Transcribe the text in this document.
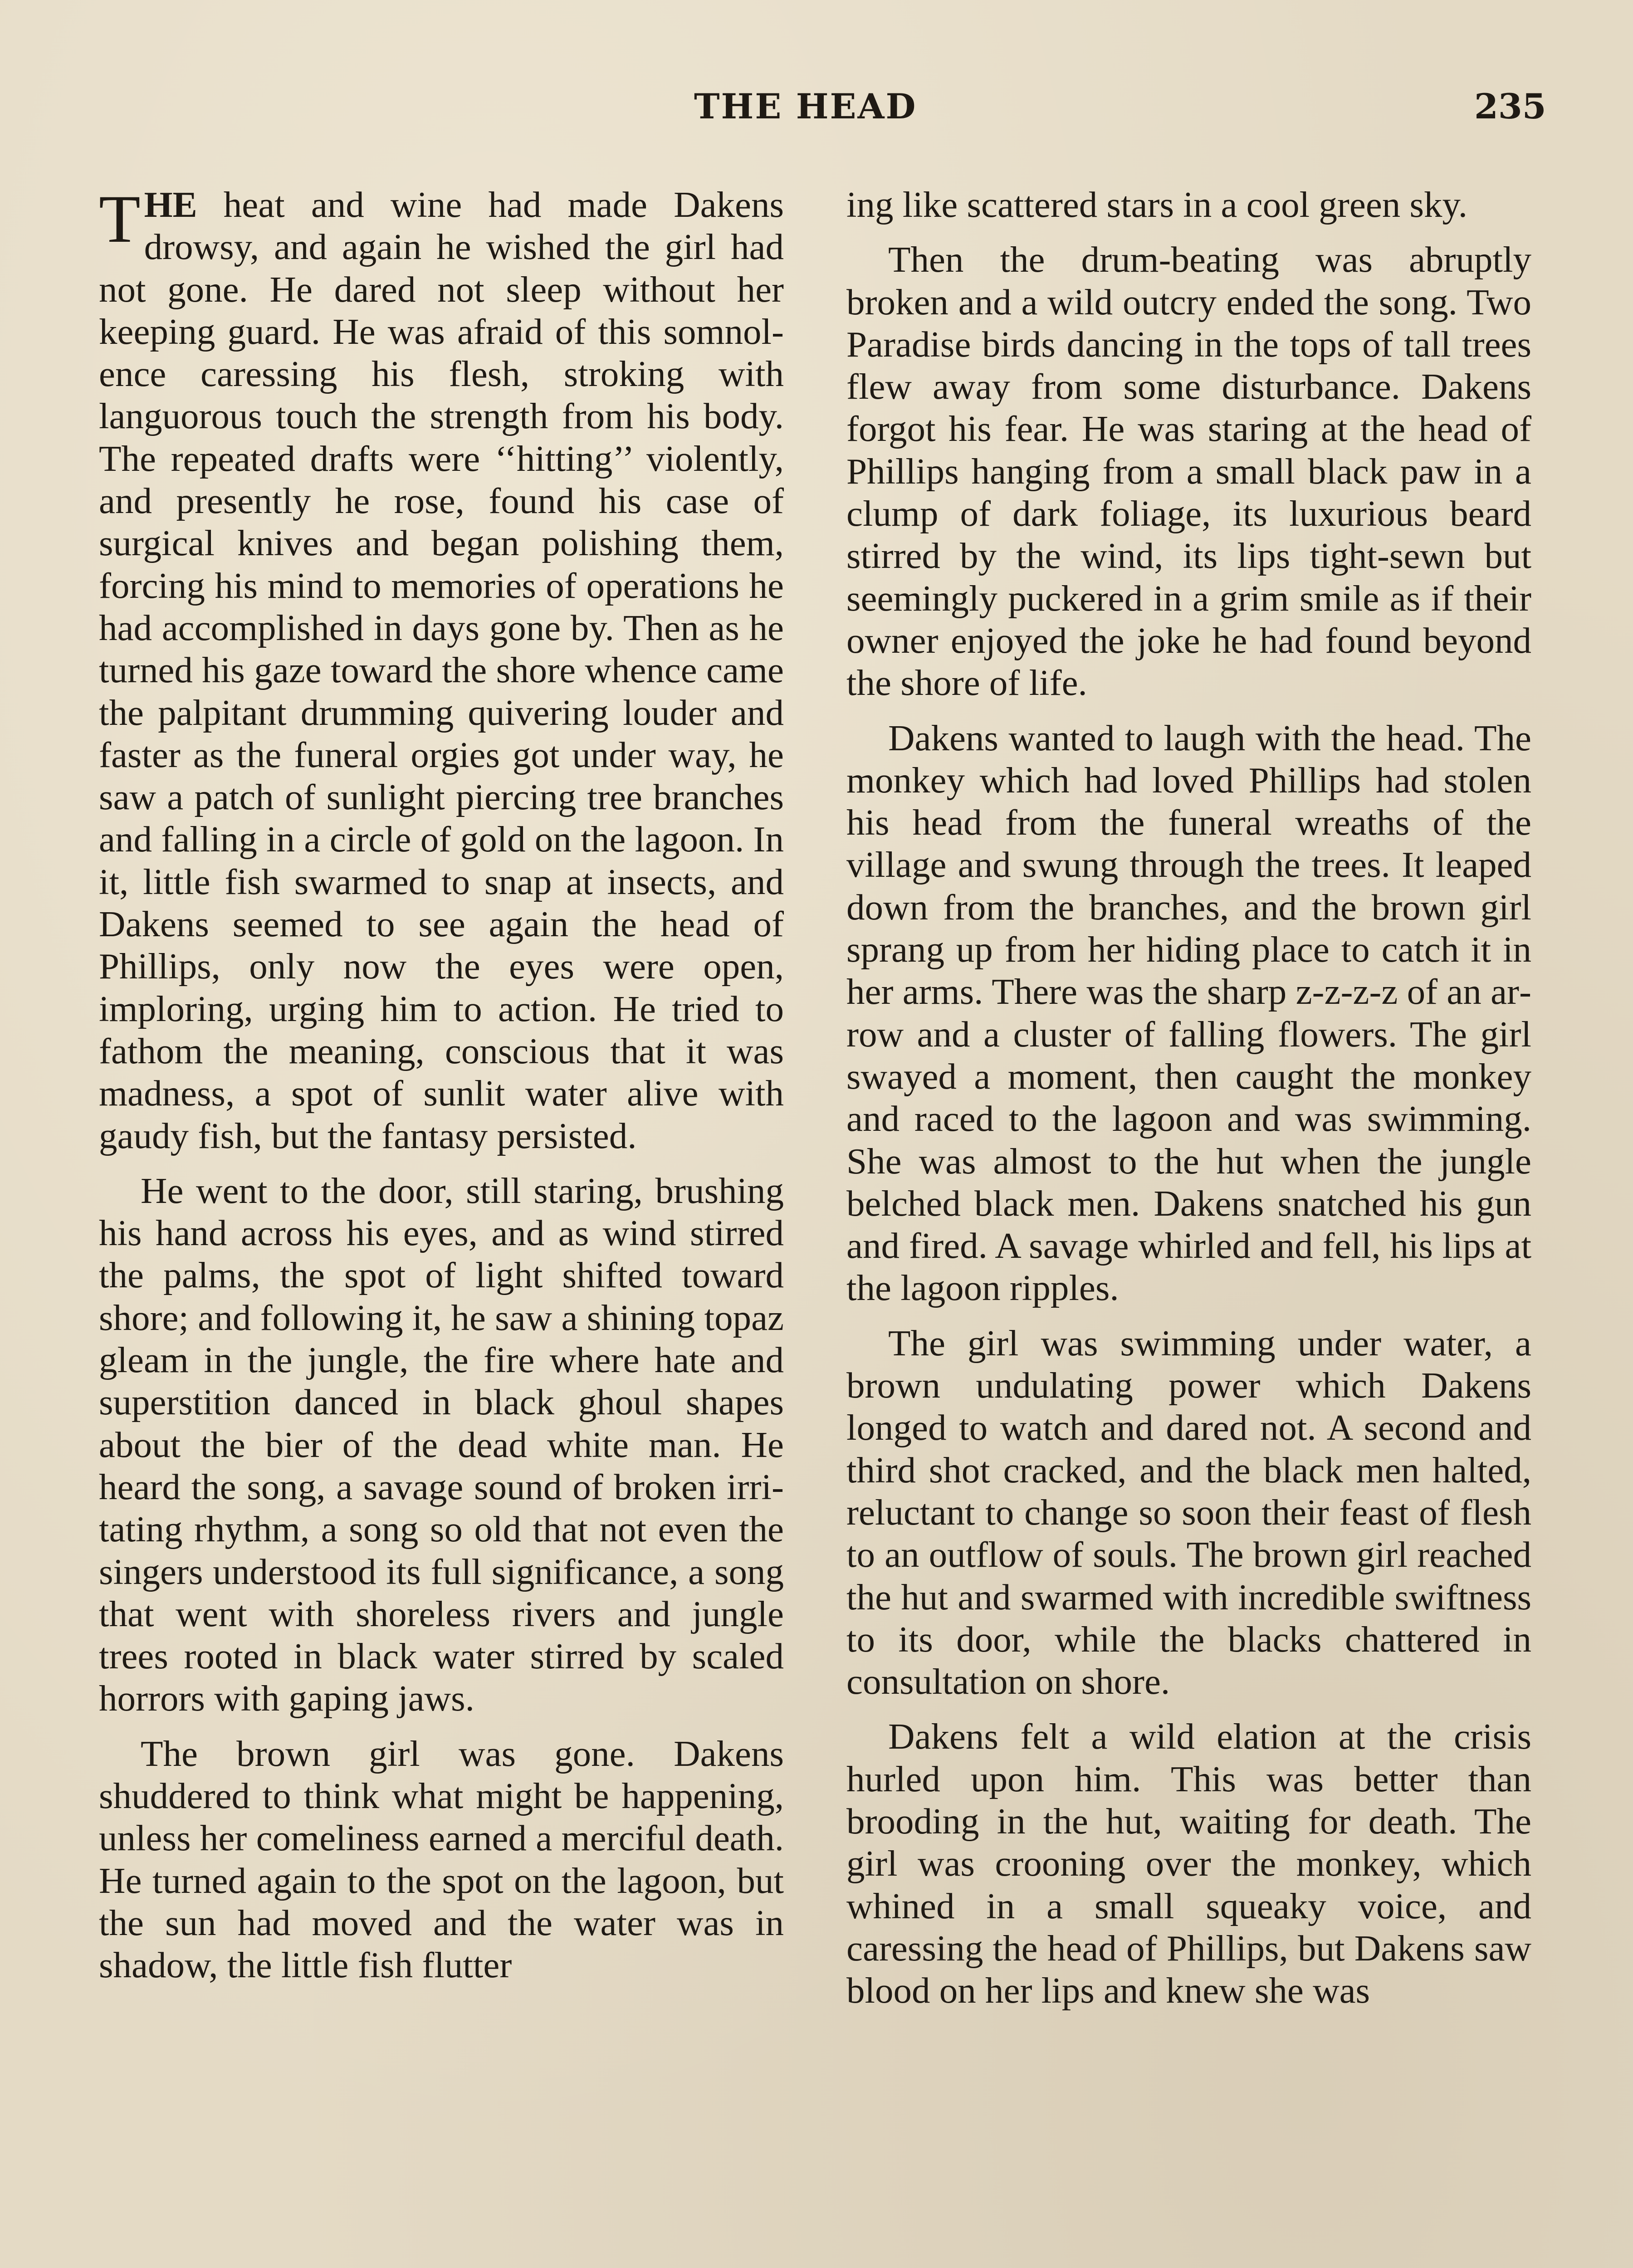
THE HEAD	235

THE heat and wine had made Dakens drowsy, and again he wished the girl had not gone. He dared not sleep without her keeping guard. He was afraid of this somnolence caressing his flesh, stroking with languorous touch the strength from his body. The repeated drafts were ‘‘hitting’’ violently, and presently he rose, found his case of surgical knives and began polishing them, forcing his mind to memories of operations he had accomplished in days gone by. Then as he turned his gaze toward the shore whence came the palpitant drumming quivering louder and faster as the funeral orgies got under way, he saw a patch of sunlight piercing tree branches and falling in a circle of gold on the lagoon. In it, little fish swarmed to snap at insects, and Dakens seemed to see again the head of Phillips, only now the eyes were open, imploring, urging him to action. He tried to fathom the meaning, conscious that it was madness, a spot of sunlit water alive with gaudy fish, but the fantasy persisted.

He went to the door, still staring, brushing his hand across his eyes, and as wind stirred the palms, the spot of light shifted toward shore; and following it, he saw a shining topaz gleam in the jungle, the fire where hate and superstition danced in black ghoul shapes about the bier of the dead white man. He heard the song, a savage sound of broken irritating rhythm, a song so old that not even the singers understood its full significance, a song that went with shoreless rivers and jungle trees rooted in black water stirred by scaled horrors with gaping jaws.

The brown girl was gone. Dakens shuddered to think what might be happening, unless her comeliness earned a merciful death. He turned again to the spot on the lagoon, but the sun had moved and the water was in shadow, the little fish flutter

ing like scattered stars in a cool green sky.

Then the drum-beating was abruptly broken and a wild outcry ended the song. Two Paradise birds dancing in the tops of tall trees flew away from some disturbance. Dakens forgot his fear. He was staring at the head of Phillips hanging from a small black paw in a clump of dark foliage, its luxurious beard stirred by the wind, its lips tight-sewn but seemingly puckered in a grim smile as if their owner enjoyed the joke he had found beyond the shore of life.

Dakens wanted to laugh with the head. The monkey which had loved Phillips had stolen his head from the funeral wreaths of the village and swung through the trees. It leaped down from the branches, and the brown girl sprang up from her hiding place to catch it in her arms. There was the sharp z-z-z-z of an arrow and a cluster of falling flowers. The girl swayed a moment, then caught the monkey and raced to the lagoon and was swimming. She was almost to the hut when the jungle belched black men. Dakens snatched his gun and fired. A savage whirled and fell, his lips at the lagoon ripples.

The girl was swimming under water, a brown undulating power which Dakens longed to watch and dared not. A second and third shot cracked, and the black men halted, reluctant to change so soon their feast of flesh to an outflow of souls. The brown girl reached the hut and swarmed with incredible swiftness to its door, while the blacks chattered in consultation on shore.

Dakens felt a wild elation at the crisis hurled upon him. This was better than brooding in the hut, waiting for death. The girl was crooning over the monkey, which whined in a small squeaky voice, and caressing the head of Phillips, but Dakens saw blood on her lips and knew she was
